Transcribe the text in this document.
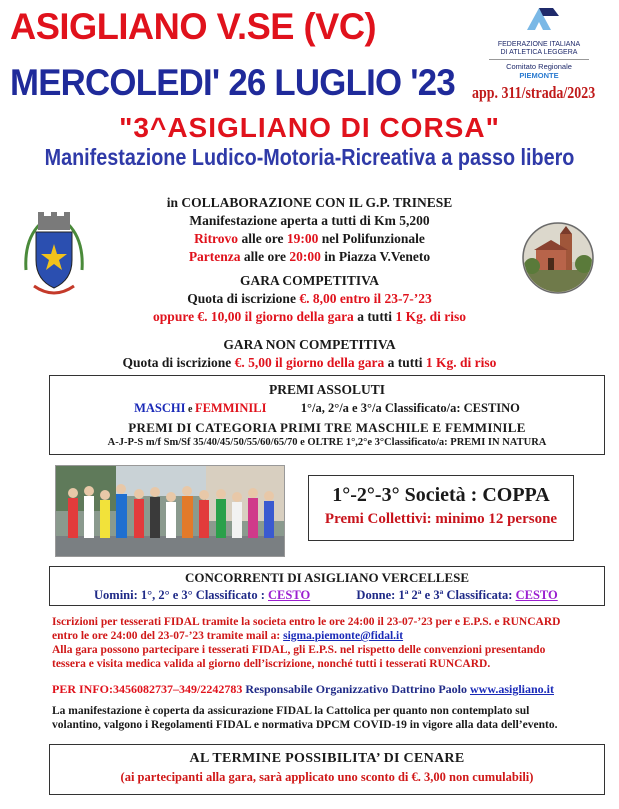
ASIGLIANO V.SE (VC)
MERCOLEDI' 26 LUGLIO '23 app. 311/strada/2023
"3^ASIGLIANO DI CORSA"
Manifestazione Ludico-Motoria-Ricreativa a passo libero
FEDERAZIONE ITALIANA
DI ATLETICA LEGGERA
Comitato Regionale PIEMONTE
in COLLABORAZIONE CON IL G.P. TRINESE
Manifestazione aperta a tutti di Km 5,200
Ritrovo alle ore 19:00 nel Polifunzionale
Partenza alle ore 20:00 in Piazza V.Veneto
GARA COMPETITIVA
Quota di iscrizione €. 8,00 entro il 23-7-’23
oppure €. 10,00 il giorno della gara a tutti 1 Kg. di riso
GARA NON COMPETITIVA
Quota di iscrizione €. 5,00 il giorno della gara a tutti 1 Kg. di riso
PREMI ASSOLUTI
MASCHI e FEMMINILI	1°/a, 2°/a e 3°/a Classificato/a: CESTINO
PREMI DI CATEGORIA PRIMI TRE MASCHILE E FEMMINILE
A-J-P-S m/f Sm/Sf 35/40/45/50/55/60/65/70 e OLTRE 1°,2°e 3°Classificato/a: PREMI IN NATURA
1°-2°-3° Società : COPPA
Premi Collettivi: minimo 12 persone
CONCORRENTI DI ASIGLIANO VERCELLESE
Uomini: 1°, 2° e 3° Classificato : CESTO	Donne: 1ª 2ª e 3ª Classificata: CESTO
Iscrizioni per tesserati FIDAL tramite la societa entro le ore 24:00 il 23-07-’23 per e E.P.S. e RUNCARD
entro le ore 24:00 del 23-07-’23 tramite mail a: sigma.piemonte@fidal.it
Alla gara possono partecipare i tesserati FIDAL, gli E.P.S. nel rispetto delle convenzioni presentando
tessera e visita medica valida al giorno dell’iscrizione, nonché tutti i tesserati RUNCARD.
PER INFO:3456082737–349/2242783 Responsabile Organizzativo Dattrino Paolo www.asigliano.it
La manifestazione è coperta da assicurazione FIDAL la Cattolica per quanto non contemplato sul
volantino, valgono i Regolamenti FIDAL e normativa DPCM COVID-19 in vigore alla data dell’evento.
AL TERMINE POSSIBILITA’ DI CENARE
(ai partecipanti alla gara, sarà applicato uno sconto di €. 3,00 non cumulabili)
